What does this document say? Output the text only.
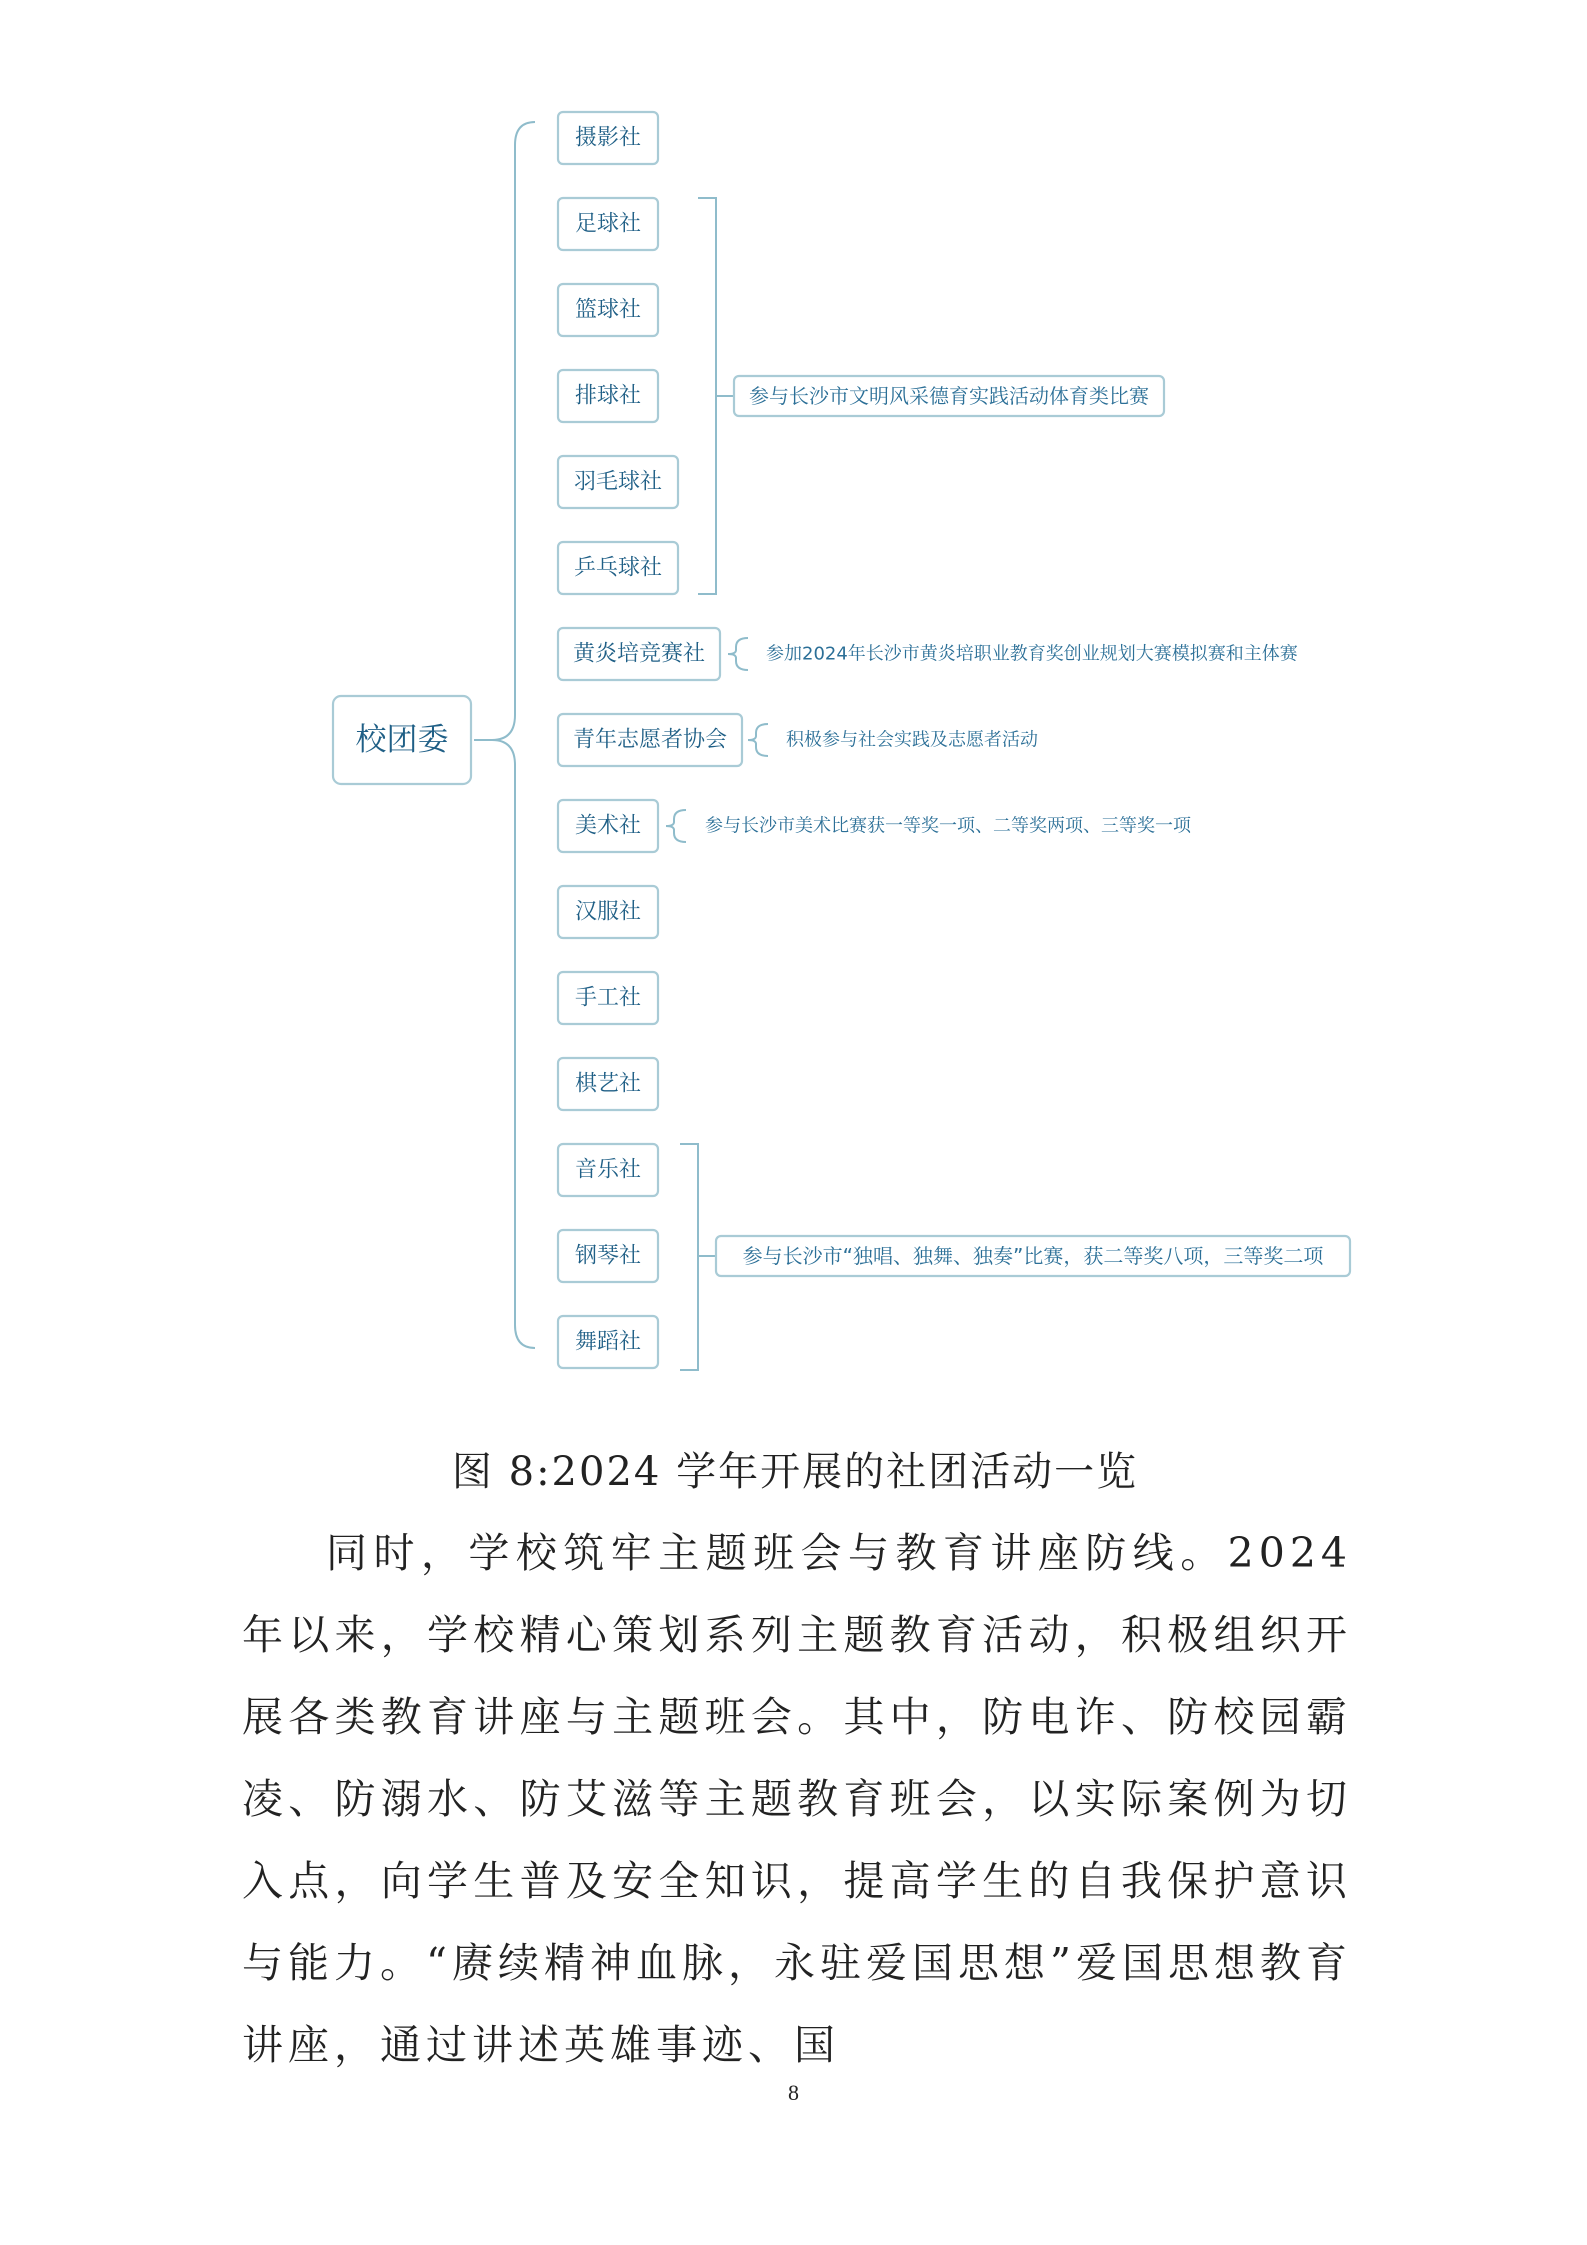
校团委
摄影社
足球社
篮球社
排球社
羽毛球社
乒乓球社
黄炎培竞赛社
青年志愿者协会
美术社
汉服社
手工社
棋艺社
音乐社
钢琴社
舞蹈社
参与长沙市文明风采德育实践活动体育类比赛
参加2024年长沙市黄炎培职业教育奖创业规划大赛模拟赛和主体赛
积极参与社会实践及志愿者活动
参与长沙市美术比赛获一等奖一项、二等奖两项、三等奖一项
参与长沙市“独唱、独舞、独奏”比赛，获二等奖八项，三等奖二项
图 8:2024 学年开展的社团活动一览

同时，学校筑牢主题班会与教育讲座防线。2024 年以来，学校精心策划系列主题教育活动，积极组织开展各类教育讲座与主题班会。其中，防电诈、防校园霸凌、防溺水、防艾滋等主题教育班会，以实际案例为切入点，向学生普及安全知识，提高学生的自我保护意识与能力。“赓续精神血脉，永驻爱国思想”爱国思想教育讲座，通过讲述英雄事迹、国

8
